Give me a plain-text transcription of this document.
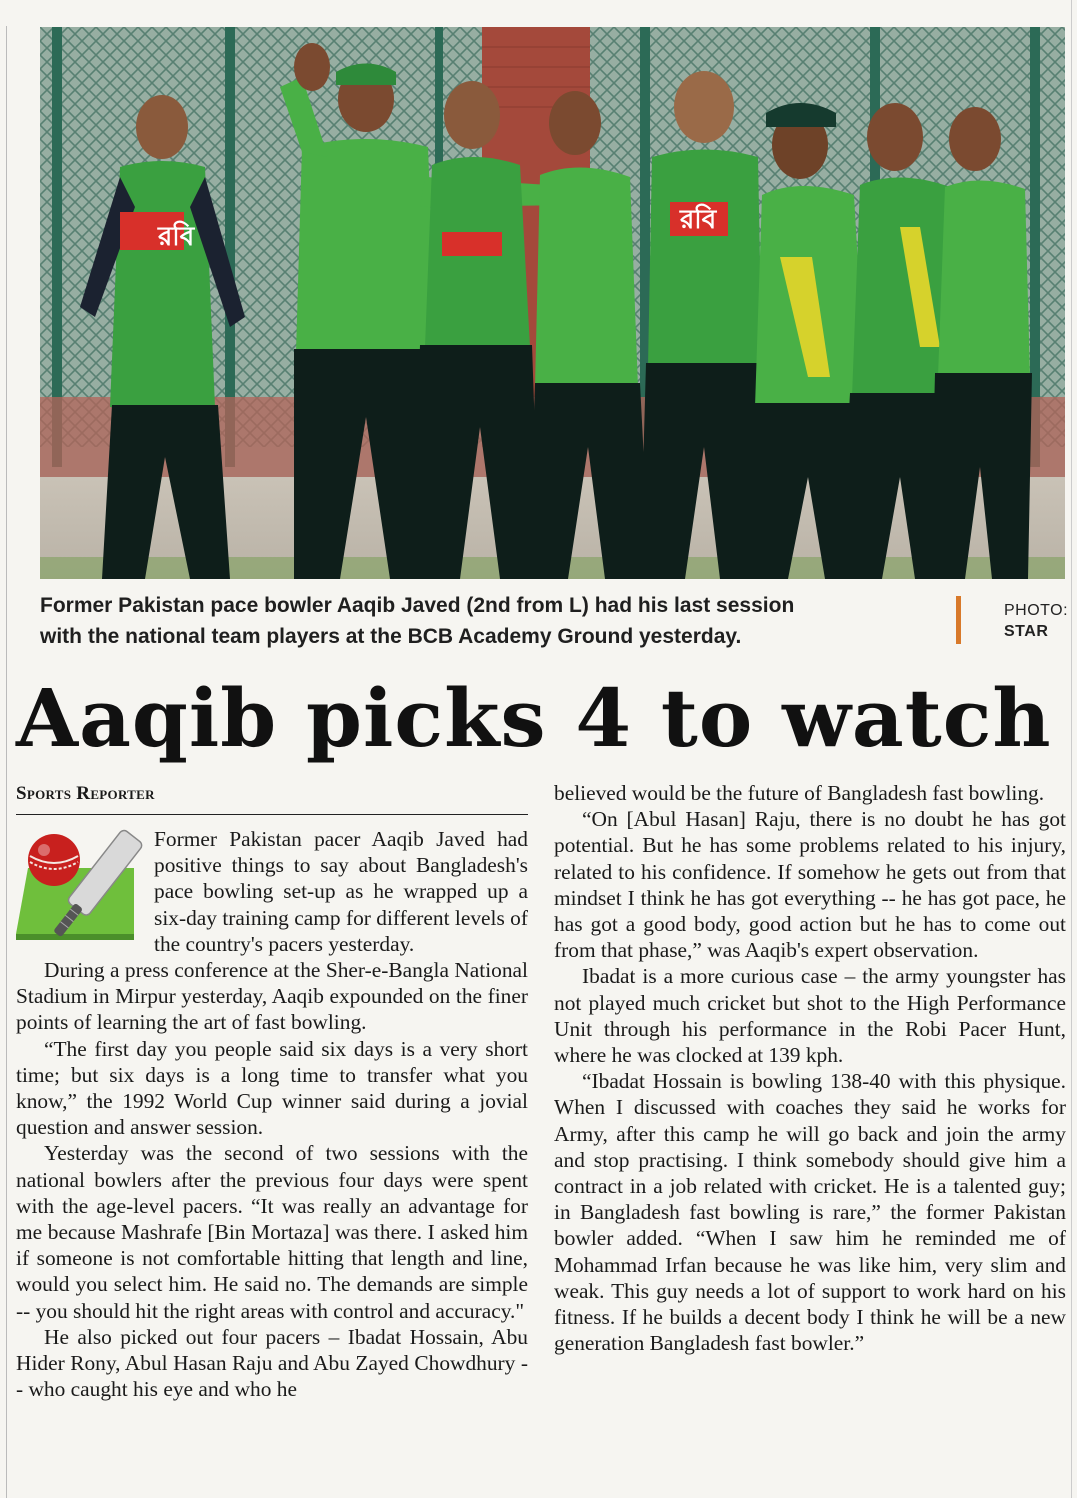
রবি
রবি
Former Pakistan pace bowler Aaqib Javed (2nd from L) had his last session
with the national team players at the BCB Academy Ground yesterday.
PHOTO:
STAR
Aaqib picks 4 to watch
Sports Reporter

Former Pakistan pacer Aaqib Javed had positive things to say about Bangladesh's pace bowling set-up as he wrapped up a six-day training camp for different levels of the country's pacers yesterday.

During a press conference at the Sher-e-Bangla National Stadium in Mirpur yesterday, Aaqib expounded on the finer points of learning the art of fast bowling.

“The first day you people said six days is a very short time; but six days is a long time to transfer what you know,” the 1992 World Cup winner said during a jovial question and answer session.

Yesterday was the second of two sessions with the national bowlers after the previous four days were spent with the age-level pacers. “It was really an advantage for me because Mashrafe [Bin Mortaza] was there. I asked him if someone is not comfortable hitting that length and line, would you select him. He said no. The demands are simple -- you should hit the right areas with control and accuracy."

He also picked out four pacers – Ibadat Hossain, Abu Hider Rony, Abul Hasan Raju and Abu Zayed Chowdhury -- who caught his eye and who he

believed would be the future of Bangladesh fast bowling.

“On [Abul Hasan] Raju, there is no doubt he has got potential. But he has some problems related to his injury, related to his confidence. If somehow he gets out from that mindset I think he has got everything -- he has got pace, he has got a good body, good action but he has to come out from that phase,” was Aaqib's expert observation.

Ibadat is a more curious case – the army youngster has not played much cricket but shot to the High Performance Unit through his performance in the Robi Pacer Hunt, where he was clocked at 139 kph.

“Ibadat Hossain is bowling 138-40 with this physique. When I discussed with coaches they said he works for Army, after this camp he will go back and join the army and stop practising. I think somebody should give him a contract in a job related with cricket. He is a talented guy; in Bangladesh fast bowling is rare,” the former Pakistan bowler added. “When I saw him he reminded me of Mohammad Irfan because he was like him, very slim and weak. This guy needs a lot of support to work hard on his fitness. If he builds a decent body I think he will be a new generation Bangladesh fast bowler.”
